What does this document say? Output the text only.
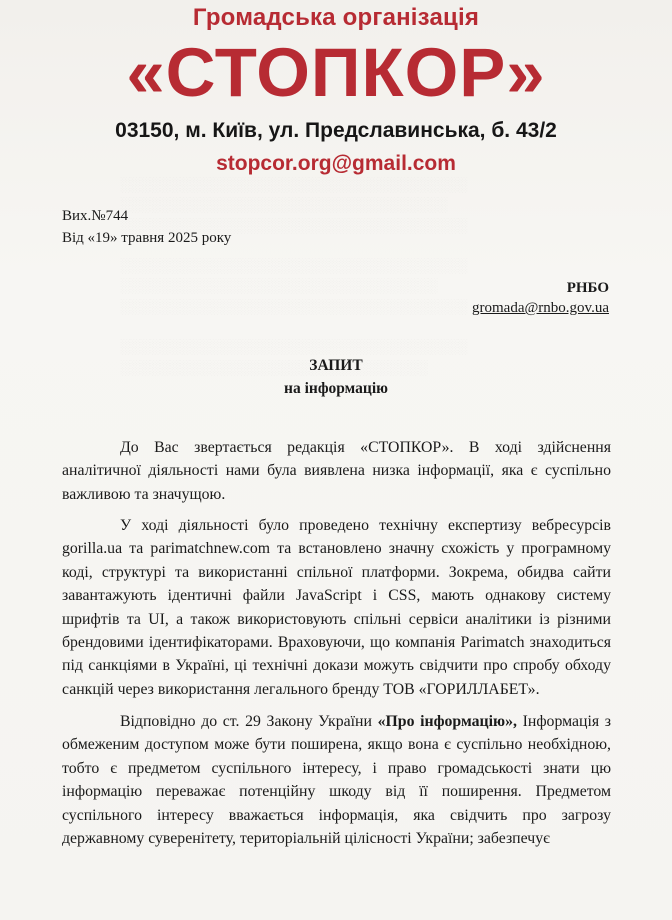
Громадська організація
«СТОПКОР»
03150, м. Київ, ул. Предславинська, б. 43/2
stopcor.org@gmail.com
Вих.№744
Від «19» травня 2025 року
РНБО
gromada@rnbo.gov.ua
ЗАПИТ
на інформацію

До Вас звертається редакція «СТОПКОР». В ході здійснення аналітичної діяльності нами була виявлена низка інформації, яка є суспільно важливою та значущою.

У ході діяльності було проведено технічну експертизу вебресурсів gorilla.ua та parimatchnew.com та встановлено значну схожість у програмному коді, структурі та використанні спільної платформи. Зокрема, обидва сайти завантажують ідентичні файли JavaScript і CSS, мають однакову систему шрифтів та UI, а також використовують спільні сервіси аналітики із різними брендовими ідентифікаторами. Враховуючи, що компанія Parimatch знаходиться під санкціями в Україні, ці технічні докази можуть свідчити про спробу обходу санкцій через використання легального бренду ТОВ «ГОРИЛЛАБЕТ».

Відповідно до ст. 29 Закону України «Про інформацію», Інформація з обмеженим доступом може бути поширена, якщо вона є суспільно необхідною, тобто є предметом суспільного інтересу, і право громадськості знати цю інформацію переважає потенційну шкоду від її поширення. Предметом суспільного інтересу вважається інформація, яка свідчить про загрозу державному суверенітету, територіальній цілісності України; забезпечує
